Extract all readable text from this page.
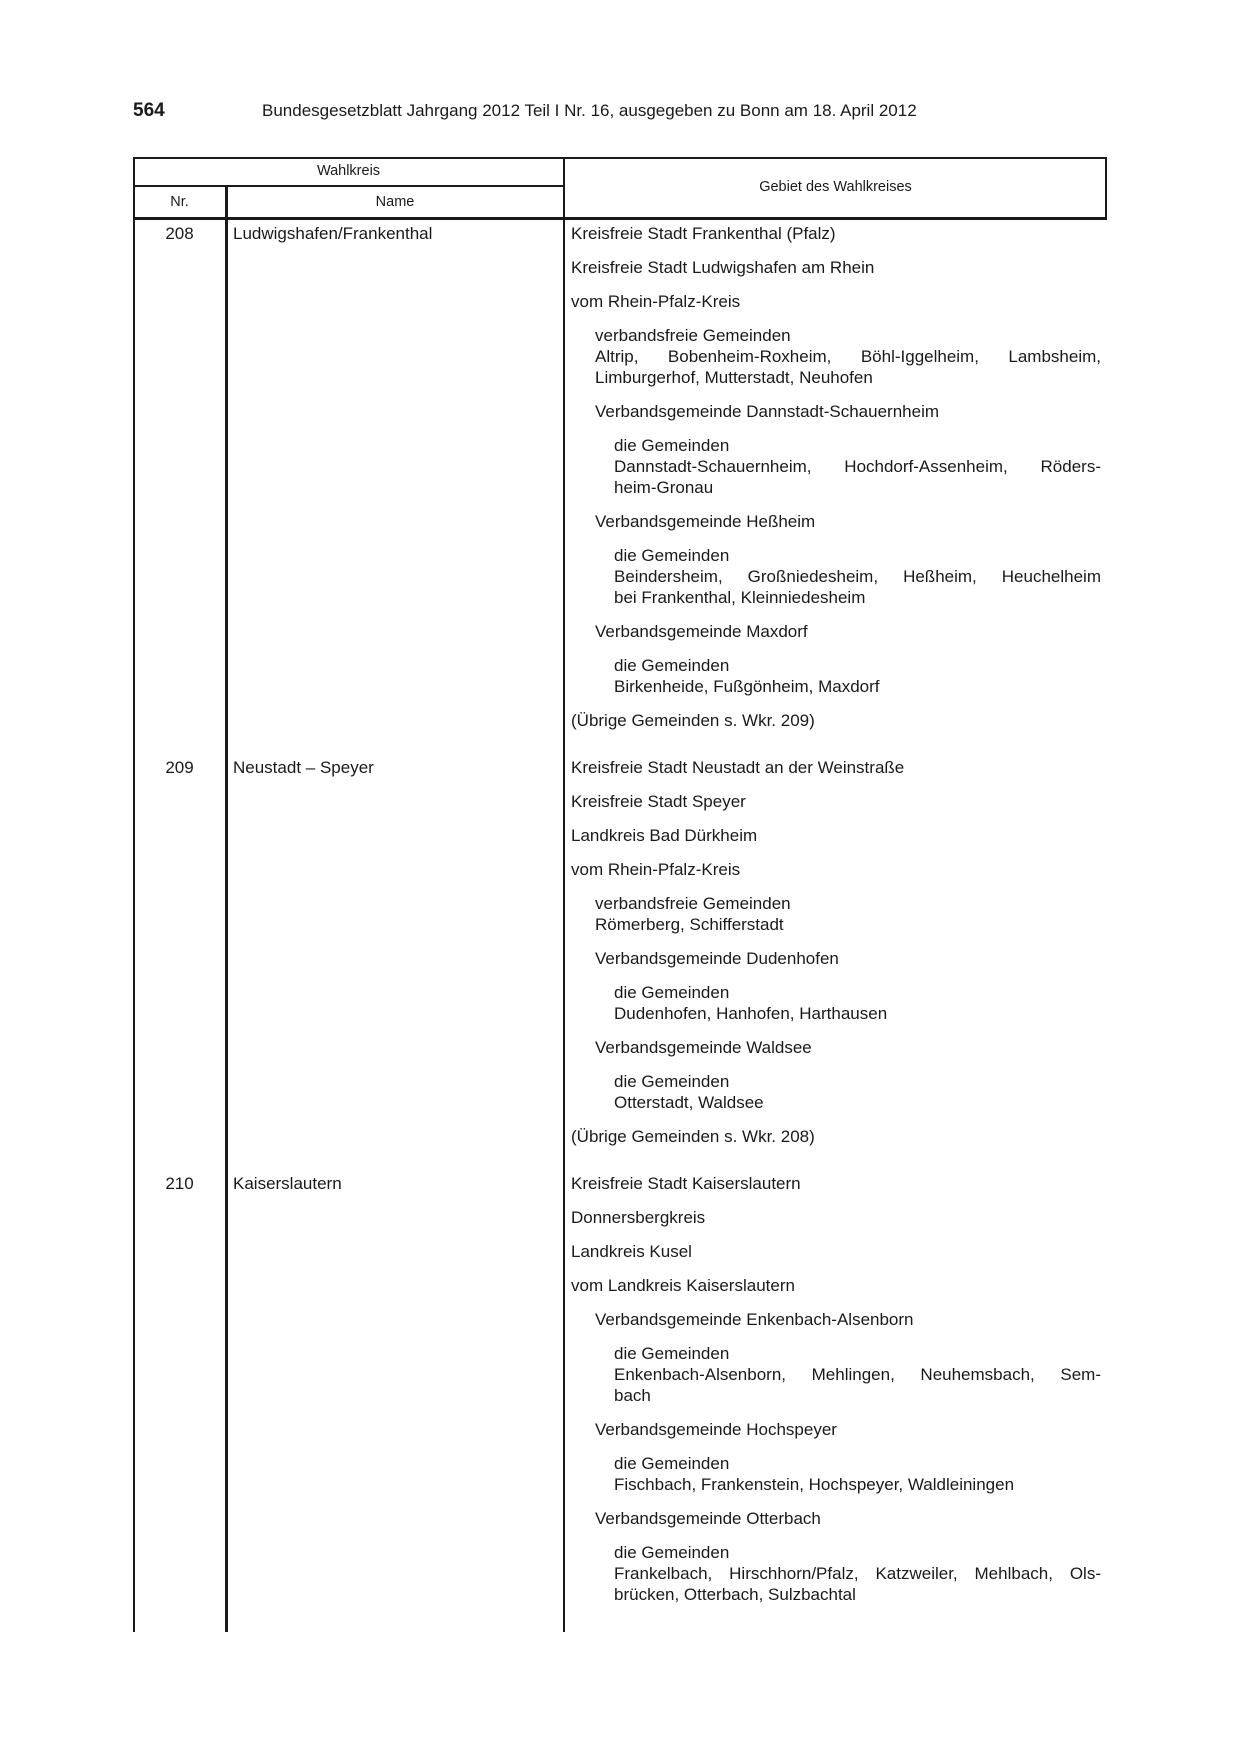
564	Bundesgesetzblatt Jahrgang 2012 Teil I Nr. 16, ausgegeben zu Bonn am 18. April 2012
Wahlkreis
Nr.	Name
Gebiet des Wahlkreises
208	Ludwigshafen/Frankenthal	Kreisfreie Stadt Frankenthal (Pfalz)
Kreisfreie Stadt Ludwigshafen am Rhein
vom Rhein-Pfalz-Kreis
verbandsfreie Gemeinden
Altrip, Bobenheim-Roxheim, Böhl-Iggelheim, Lambsheim,
Limburgerhof, Mutterstadt, Neuhofen
Verbandsgemeinde Dannstadt-Schauernheim
die Gemeinden
Dannstadt-Schauernheim, Hochdorf-Assenheim, Röders-
heim-Gronau
Verbandsgemeinde Heßheim
die Gemeinden
Beindersheim, Großniedesheim, Heßheim, Heuchelheim
bei Frankenthal, Kleinniedesheim
Verbandsgemeinde Maxdorf
die Gemeinden
Birkenheide, Fußgönheim, Maxdorf
(Übrige Gemeinden s. Wkr. 209)
209	Neustadt – Speyer	Kreisfreie Stadt Neustadt an der Weinstraße
Kreisfreie Stadt Speyer
Landkreis Bad Dürkheim
vom Rhein-Pfalz-Kreis
verbandsfreie Gemeinden
Römerberg, Schifferstadt
Verbandsgemeinde Dudenhofen
die Gemeinden
Dudenhofen, Hanhofen, Harthausen
Verbandsgemeinde Waldsee
die Gemeinden
Otterstadt, Waldsee
(Übrige Gemeinden s. Wkr. 208)
210	Kaiserslautern	Kreisfreie Stadt Kaiserslautern
Donnersbergkreis
Landkreis Kusel
vom Landkreis Kaiserslautern
Verbandsgemeinde Enkenbach-Alsenborn
die Gemeinden
Enkenbach-Alsenborn, Mehlingen, Neuhemsbach, Sem-
bach
Verbandsgemeinde Hochspeyer
die Gemeinden
Fischbach, Frankenstein, Hochspeyer, Waldleiningen
Verbandsgemeinde Otterbach
die Gemeinden
Frankelbach, Hirschhorn/Pfalz, Katzweiler, Mehlbach, Ols-
brücken, Otterbach, Sulzbachtal
